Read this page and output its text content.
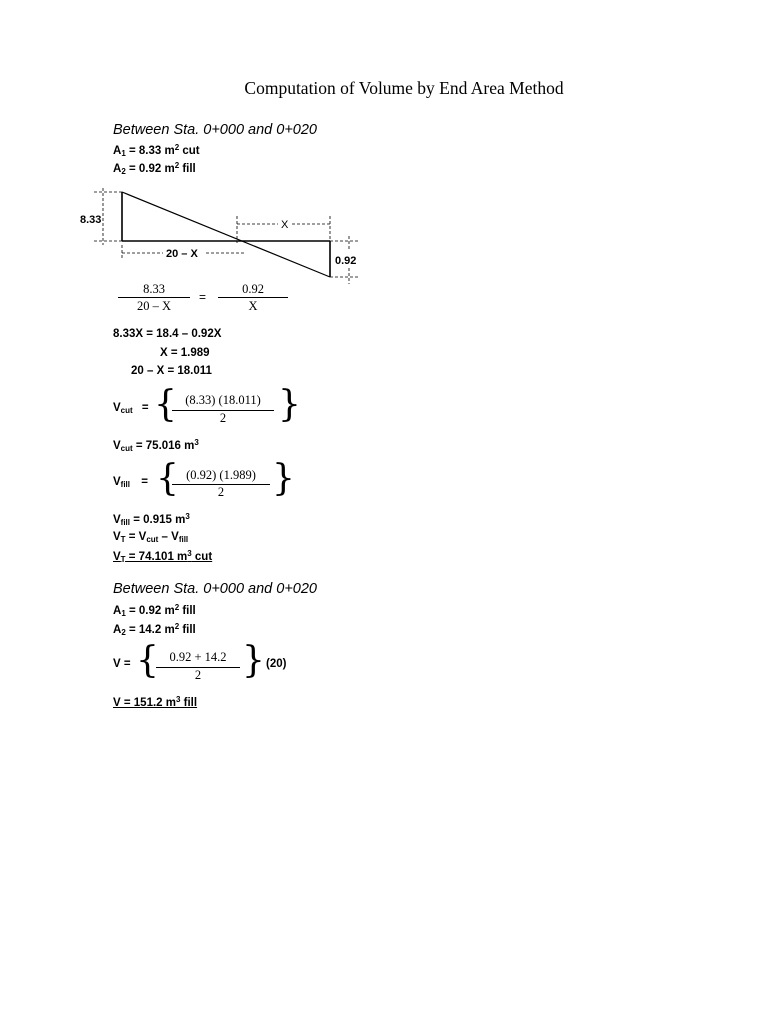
Computation of Volume by End Area Method
Between Sta. 0+000 and 0+020
$A_1 = 8.33$ $m^2$ cut
$A_2 = 0.92$ $m^2$ fill
8.33	X
20 – X
0.92
8.33
20 – X
=
0.92
X
8.33X = 18.4 – 0.92X
X = 1.989
20 – X = 18.011
$V_{cut}$ = { (8.33) (18.011)
2	}
$V_{cut} = 75.016$ $m^3$
$V_{fill}$ = { (0.92) (1.989)
2	}
$V_{fill} = 0.915$ $m^3$
$V_T = V_{cut} - V_{fill}$
$V_T = 74.101$ $m^3$ cut
Between Sta. 0+000 and 0+020
$A_1 = 0.92$ $m^2$ fill
$A_2 = 14.2$ $m^2$ fill
V = { 0.92 + 14.2
2	} (20)
V = 151.2 $m^3$ fill
